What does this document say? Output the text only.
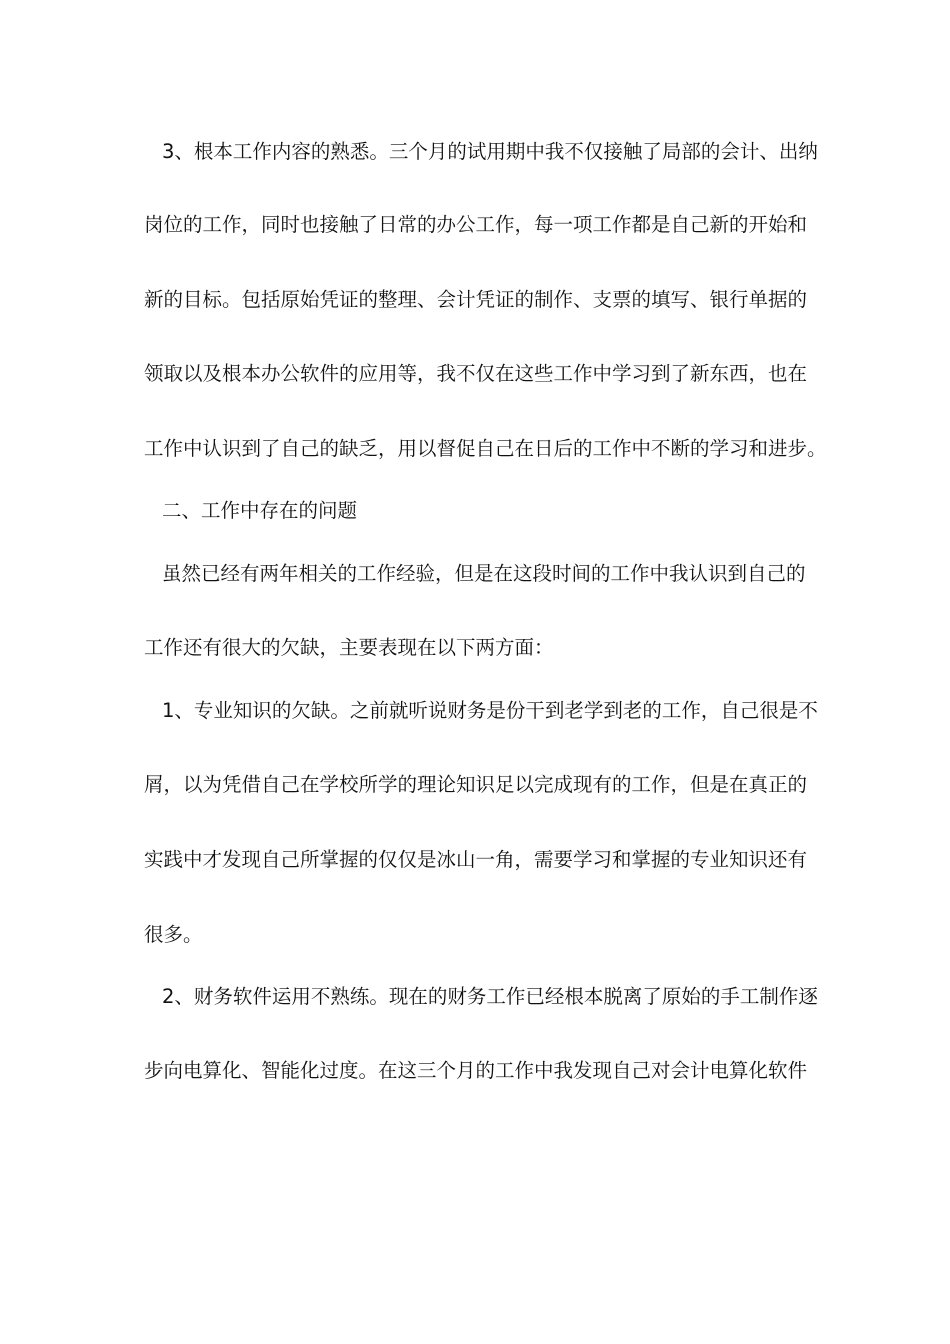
3、根本工作内容的熟悉。三个月的试用期中我不仅接触了局部的会计、出纳
岗位的工作，同时也接触了日常的办公工作，每一项工作都是自己新的开始和
新的目标。包括原始凭证的整理、会计凭证的制作、支票的填写、银行单据的
领取以及根本办公软件的应用等，我不仅在这些工作中学习到了新东西，也在
工作中认识到了自己的缺乏，用以督促自己在日后的工作中不断的学习和进步。
二、工作中存在的问题
虽然已经有两年相关的工作经验，但是在这段时间的工作中我认识到自己的
工作还有很大的欠缺，主要表现在以下两方面：
1、专业知识的欠缺。之前就听说财务是份干到老学到老的工作，自己很是不
屑，以为凭借自己在学校所学的理论知识足以完成现有的工作，但是在真正的
实践中才发现自己所掌握的仅仅是冰山一角，需要学习和掌握的专业知识还有
很多。
2、财务软件运用不熟练。现在的财务工作已经根本脱离了原始的手工制作逐
步向电算化、智能化过度。在这三个月的工作中我发现自己对会计电算化软件
